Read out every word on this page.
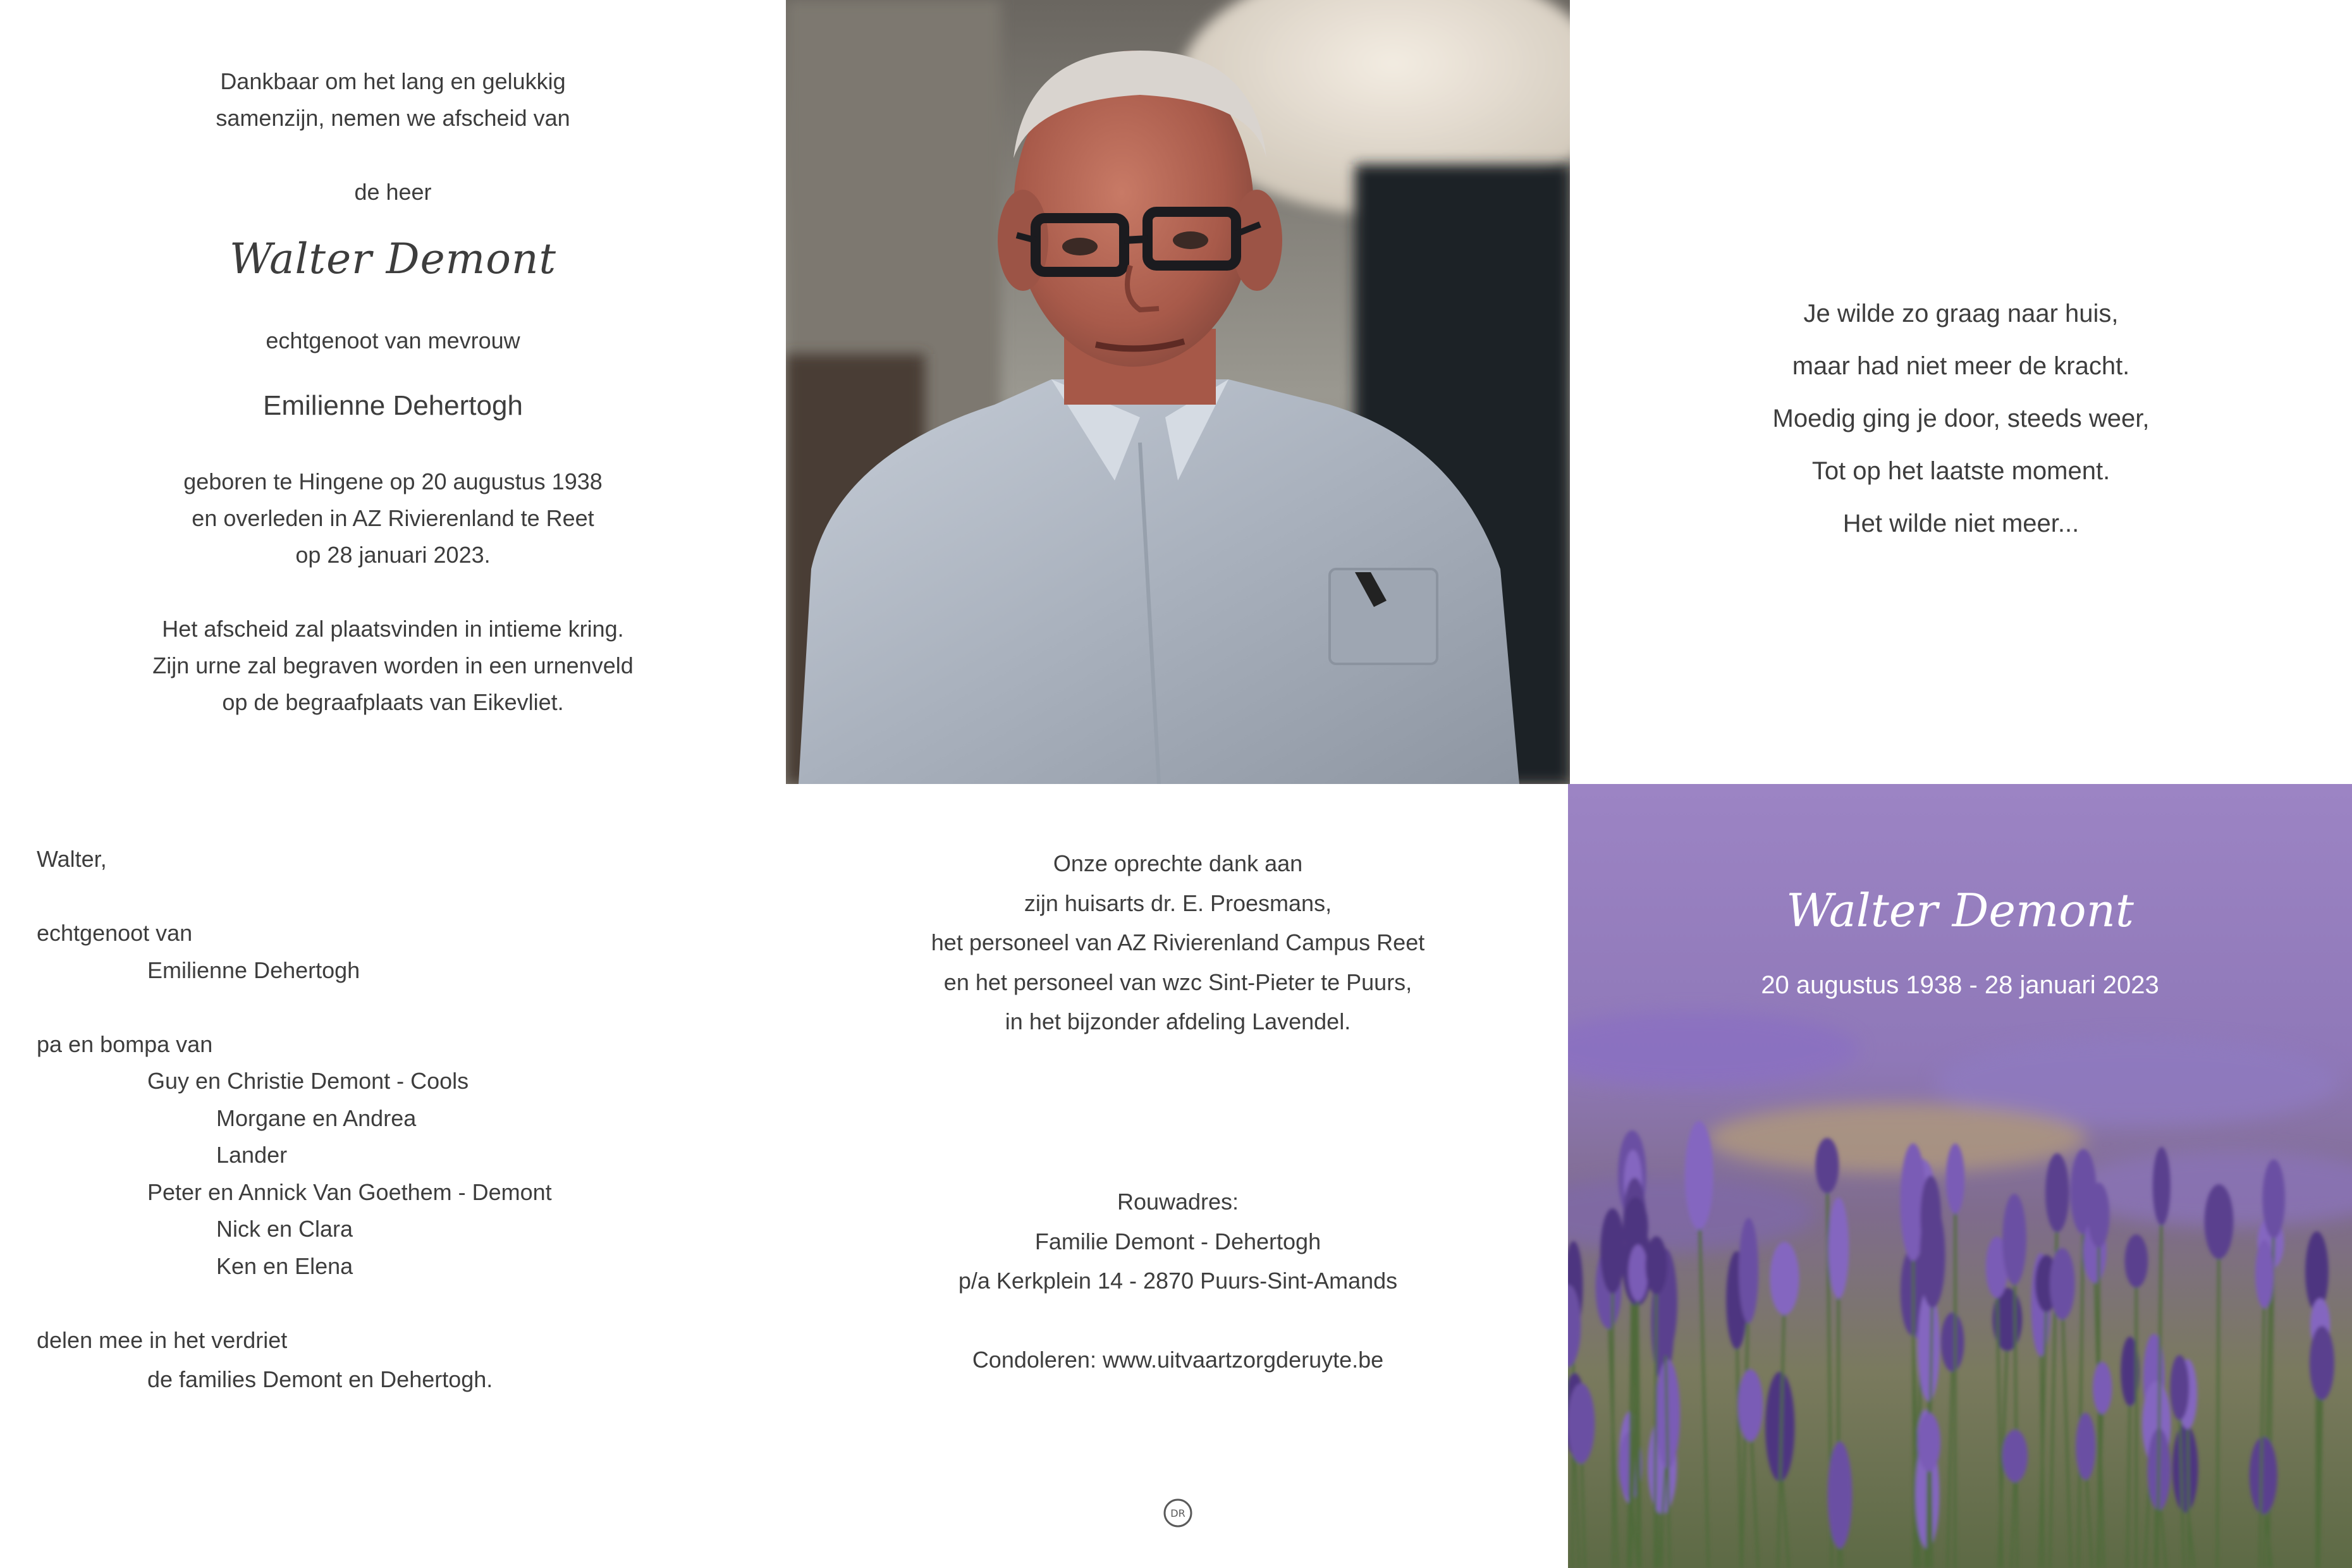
Dankbaar om het lang en gelukkig
samenzijn, nemen we afscheid van
de heer
Walter Demont
echtgenoot van mevrouw
Emilienne Dehertogh
geboren te Hingene op 20 augustus 1938
en overleden in AZ Rivierenland te Reet
op 28 januari 2023.
Het afscheid zal plaatsvinden in intieme kring.
Zijn urne zal begraven worden in een urnenveld
op de begraafplaats van Eikevliet.
Je wilde zo graag naar huis,
maar had niet meer de kracht.
Moedig ging je door, steeds weer,
Tot op het laatste moment.
Het wilde niet meer...
Walter,
echtgenoot van
Emilienne Dehertogh
pa en bompa van
Guy en Christie Demont - Cools
Morgane en Andrea
Lander
Peter en Annick Van Goethem - Demont
Nick en Clara
Ken en Elena
delen mee in het verdriet
de families Demont en Dehertogh.
Onze oprechte dank aan
zijn huisarts dr. E. Proesmans,
het personeel van AZ Rivierenland Campus Reet
en het personeel van wzc Sint-Pieter te Puurs,
in het bijzonder afdeling Lavendel.
Rouwadres:
Familie Demont - Dehertogh
p/a Kerkplein 14 - 2870 Puurs-Sint-Amands
Condoleren: www.uitvaartzorgderuyte.be
DR
Walter Demont
20 augustus 1938 - 28 januari 2023
